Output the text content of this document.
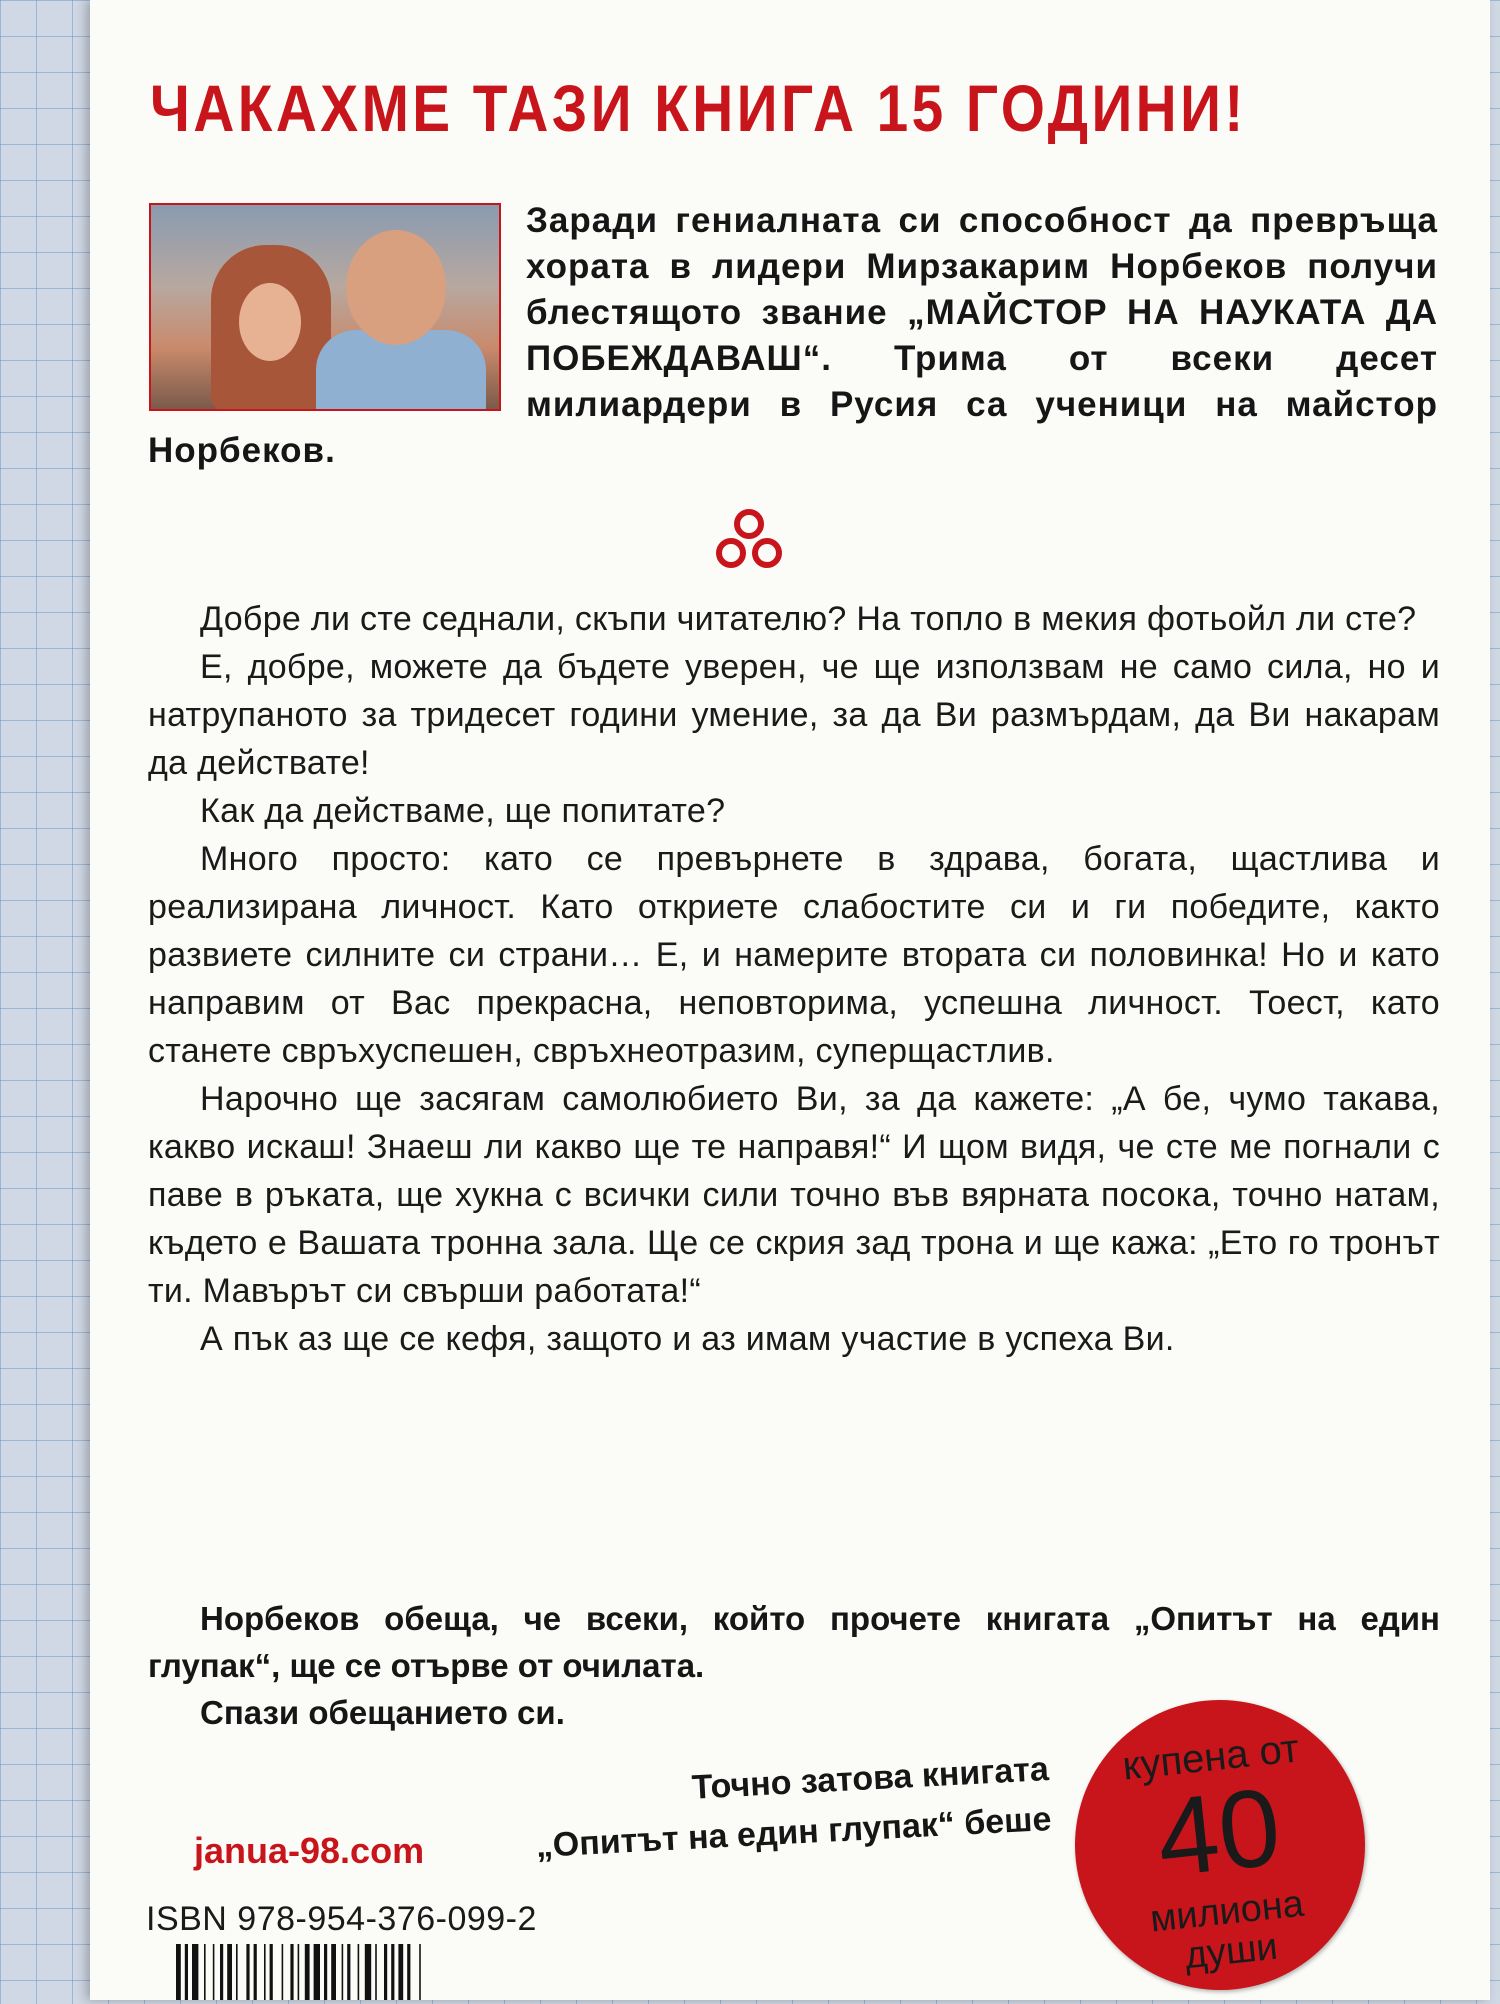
ЧАКАХМЕ ТАЗИ КНИГА 15 ГОДИНИ!

Заради гениалната си способност да превръща хората в лидери Мирзакарим Норбеков получи блестящото звание „МАЙСТОР НА НАУКАТА ДА ПОБЕЖДАВАШ“. Трима от всеки десет милиардери в Русия са ученици на майстор Норбеков.

Добре ли сте седнали, скъпи читателю? На топло в мекия фотьойл ли сте?

Е, добре, можете да бъдете уверен, че ще използвам не само сила, но и натрупаното за тридесет години умение, за да Ви размърдам, да Ви накарам да действате!

Как да действаме, ще попитате?

Много просто: като се превърнете в здрава, богата, щастлива и реализирана личност. Като откриете слабостите си и ги победите, както развиете силните си страни… Е, и намерите втората си половинка! Но и като направим от Вас прекрасна, неповторима, успешна личност. Тоест, като станете свръхуспешен, свръхнеотразим, суперщастлив.

Нарочно ще засягам самолюбието Ви, за да кажете: „А бе, чумо такава, какво искаш! Знаеш ли какво ще те направя!“ И щом видя, че сте ме погнали с паве в ръката, ще хукна с всички сили точно във вярната посока, точно натам, където е Вашата тронна зала. Ще се скрия зад трона и ще кажа: „Ето го тронът ти. Мавърът си свърши работата!“

А пък аз ще се кефя, защото и аз имам участие в успеха Ви.

Норбеков обеща, че всеки, който прочете книгата „Опитът на един глупак“, ще се отърве от очилата.

Спази обещанието си.

Точно затова книгата
„Опитът на един глупак“ беше
купена от
40
милиона
души
janua-98.com
ISBN 978-954-376-099-2
